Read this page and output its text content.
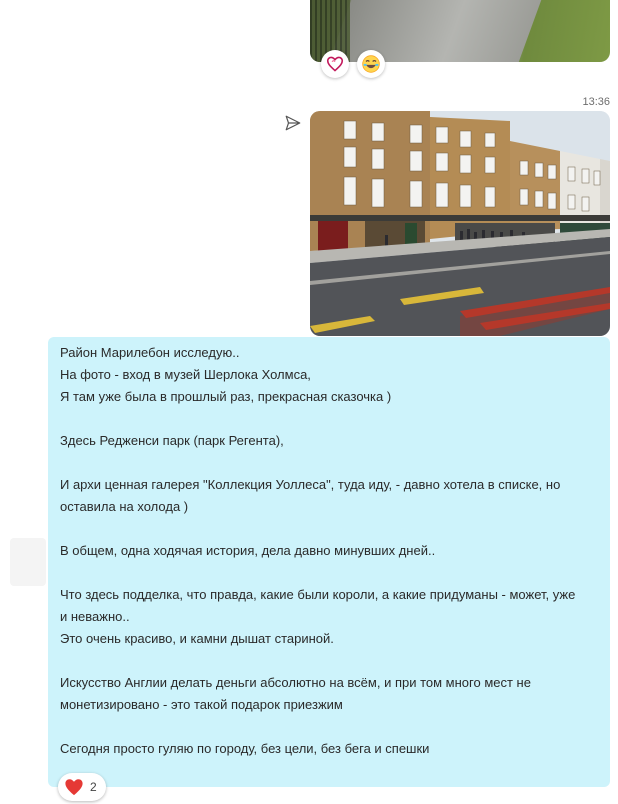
13:36
Район Марилебон исследую..
На фото - вход в музей Шерлока Холмса,
Я там уже была в прошлый раз, прекрасная сказочка )
Здесь Редженси парк (парк Регента),
И архи ценная галерея "Коллекция Уоллеса", туда иду, - давно хотела в списке, но
оставила на холода )
В общем, одна ходячая история, дела давно минувших дней..
Что здесь подделка, что правда, какие были короли, а какие придуманы - может, уже
и неважно..
Это очень красиво, и камни дышат стариной.
Искусство Англии делать деньги абсолютно на всём, и при том много мест не
монетизировано - это такой подарок приезжим
Сегодня просто гуляю по городу, без цели, без бега и спешки
2
